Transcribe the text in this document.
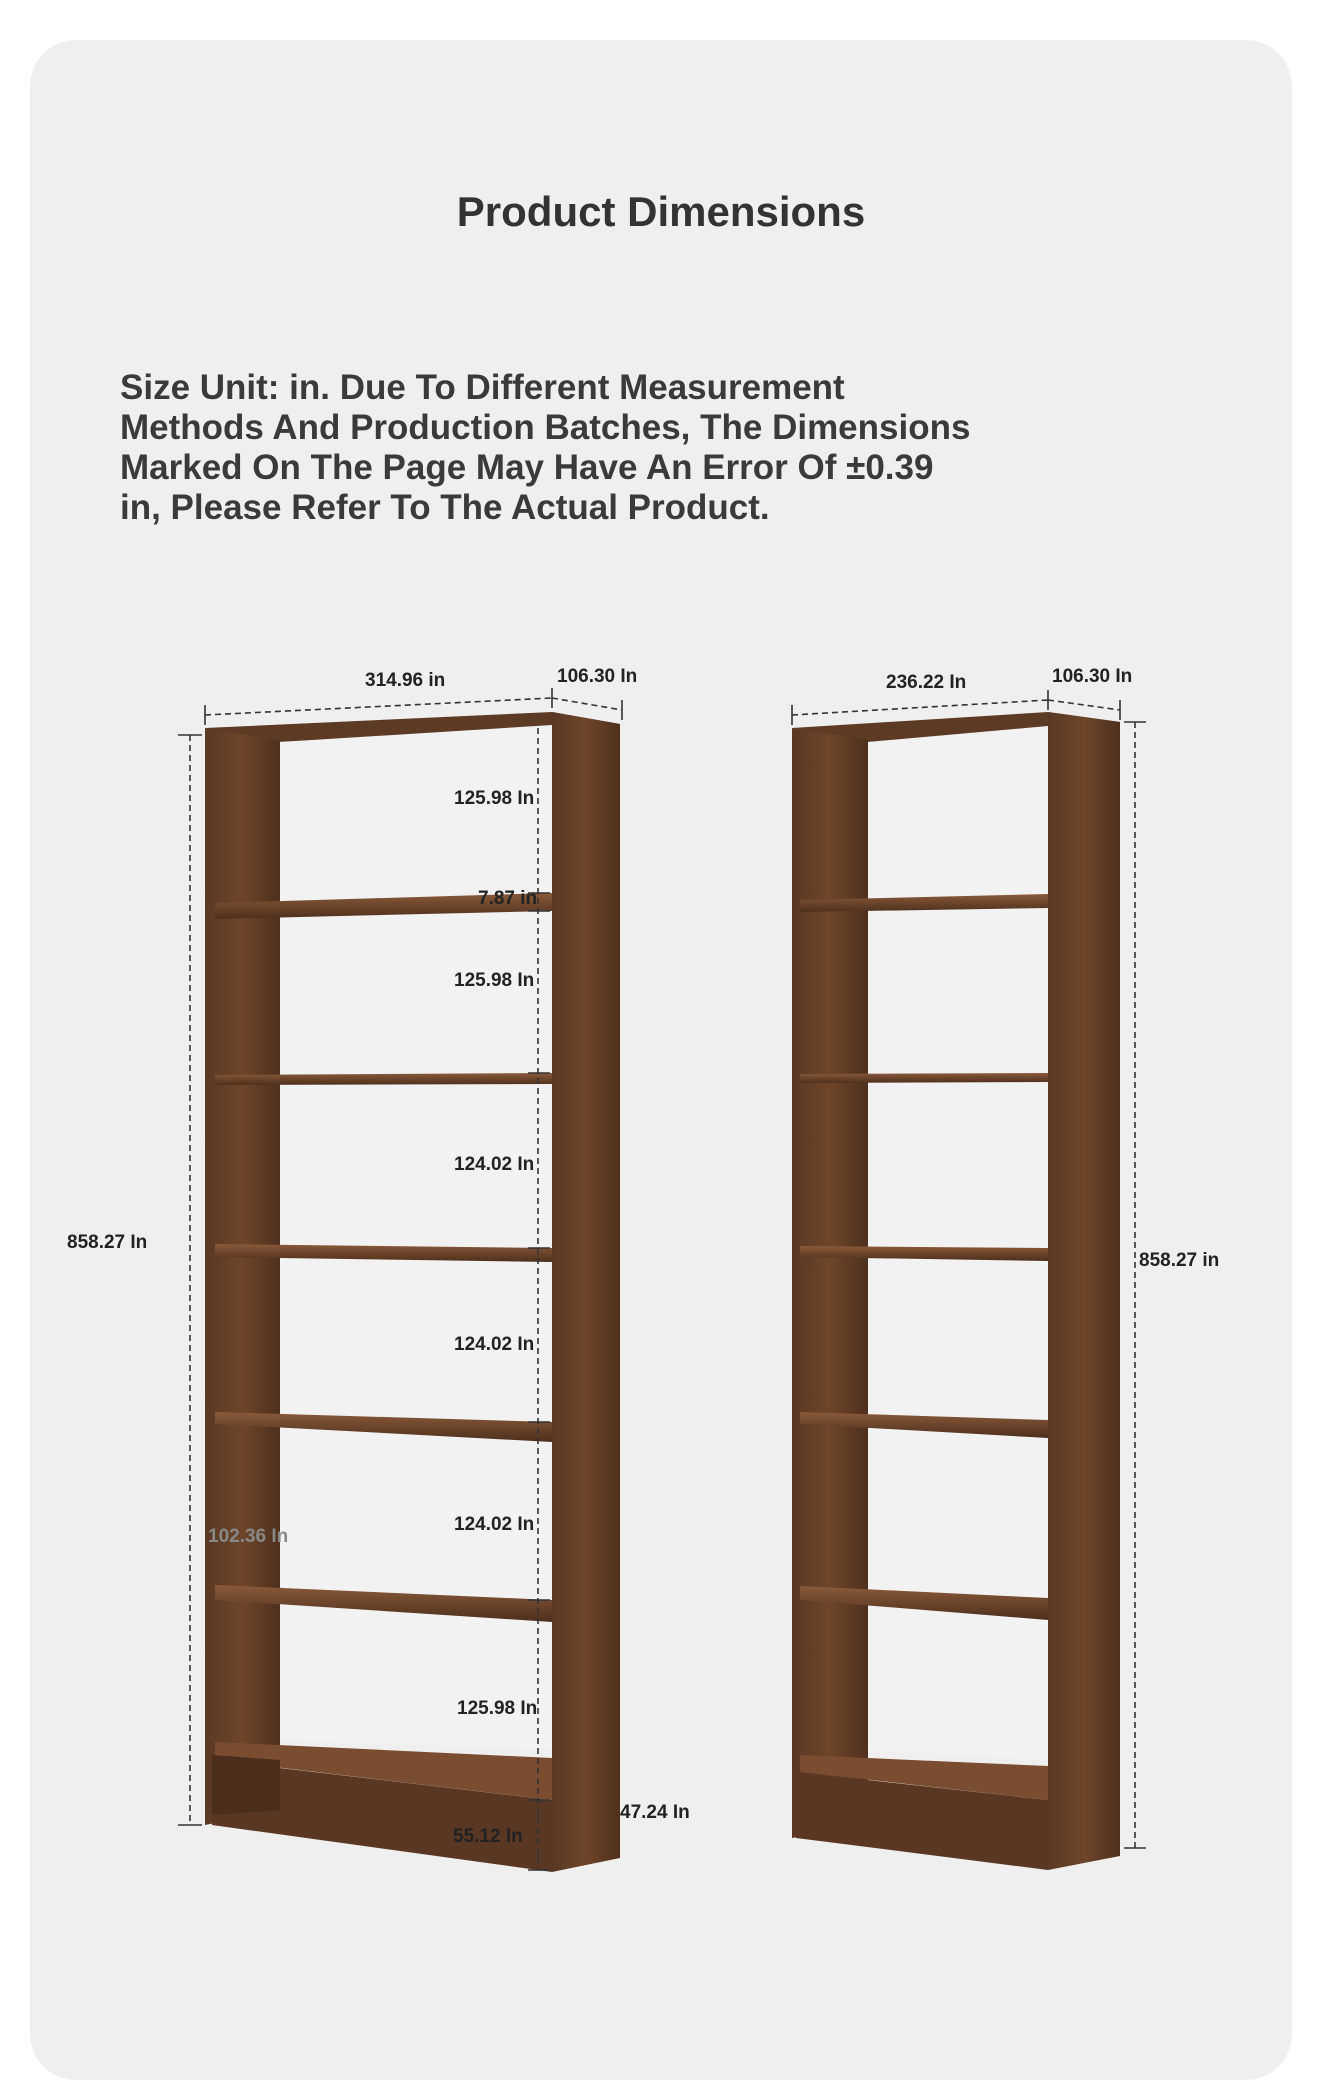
Product Dimensions
Size Unit: in. Due To Different Measurement
Methods And Production Batches, The Dimensions
Marked On The Page May Have An Error Of ±0.39
in, Please Refer To The Actual Product.
314.96 in	106.30 In
858.27 In
125.98 In
7.87 in
125.98 In
124.02 In
124.02 In
102.36 In
124.02 In
125.98 In
47.24 In
55.12 In
236.22 In	106.30 In
858.27 in
